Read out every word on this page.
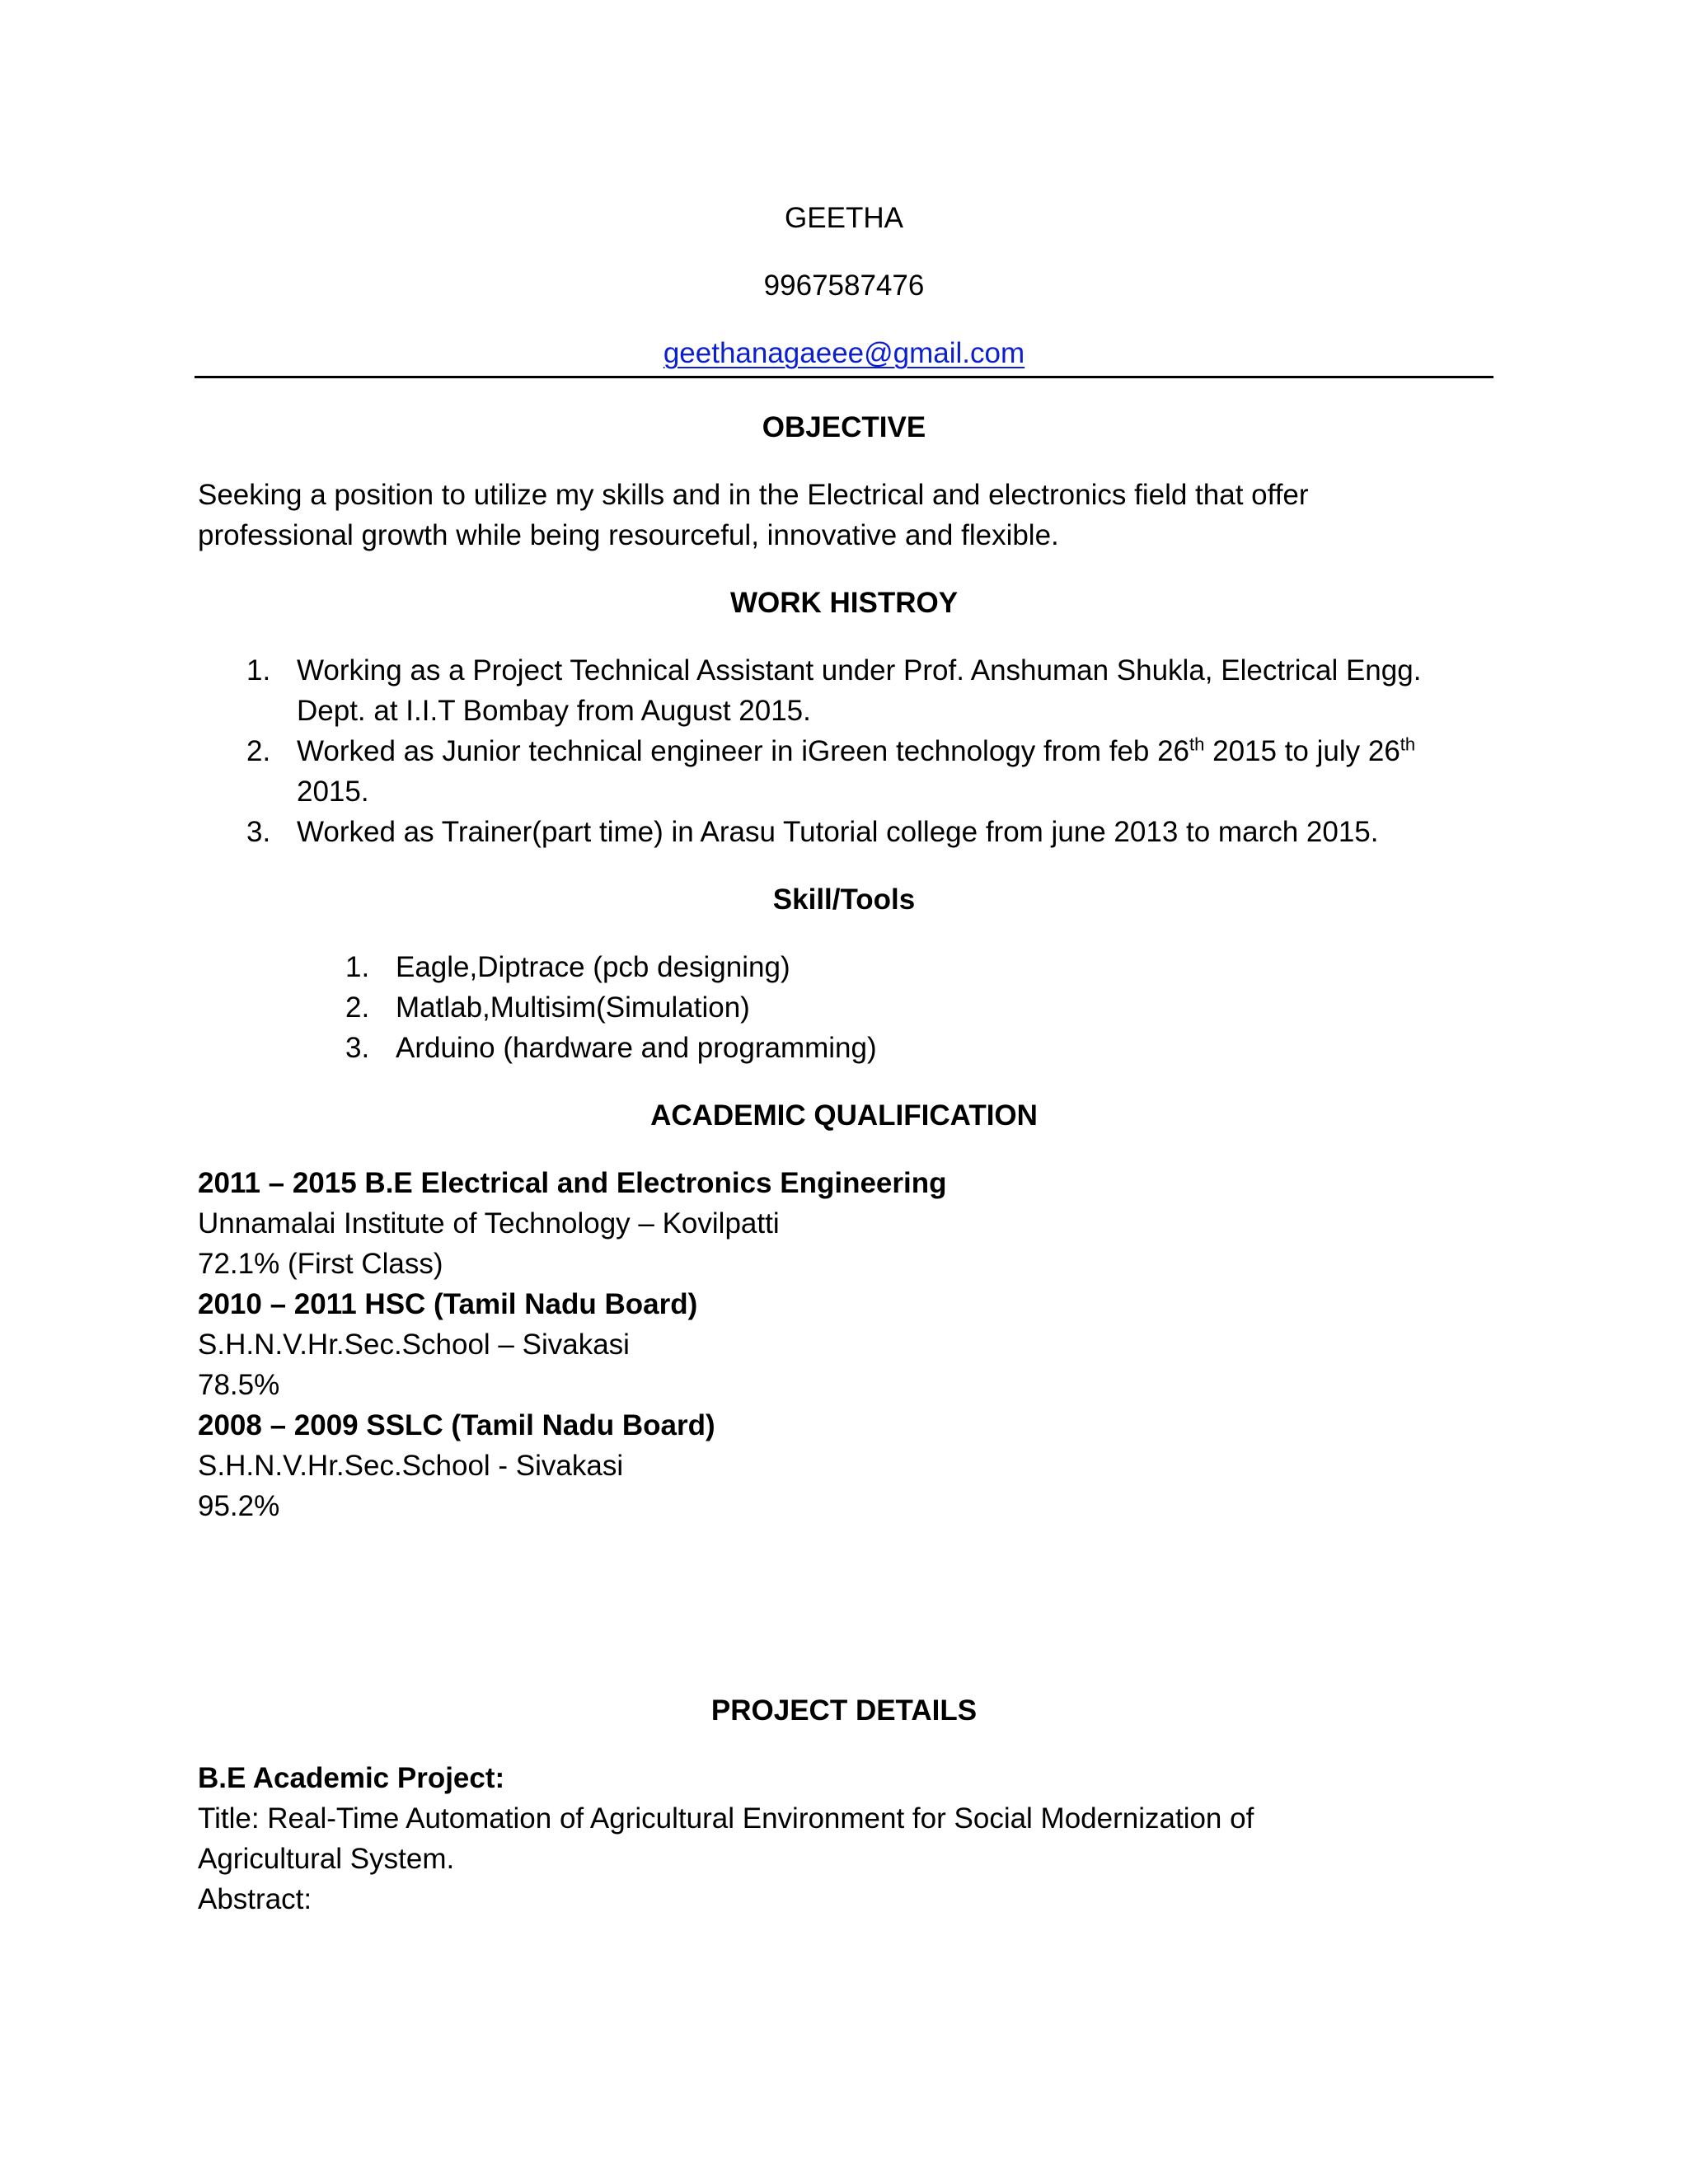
GEETHA
9967587476
geethanagaeee@gmail.com
OBJECTIVE
Seeking a position to utilize my skills and in the Electrical and electronics field that offer
professional growth while being resourceful, innovative and flexible.
WORK HISTROY
1. Working as a Project Technical Assistant under Prof. Anshuman Shukla, Electrical Engg.
Dept. at I.I.T Bombay from August 2015.
2. Worked as Junior technical engineer in iGreen technology from feb 26th 2015 to july 26th
2015.
3. Worked as Trainer(part time) in Arasu Tutorial college from june 2013 to march 2015.
Skill/Tools
1. Eagle,Diptrace (pcb designing)
2. Matlab,Multisim(Simulation)
3. Arduino (hardware and programming)
ACADEMIC QUALIFICATION
2011 – 2015 B.E Electrical and Electronics Engineering
Unnamalai Institute of Technology – Kovilpatti
72.1% (First Class)
2010 – 2011 HSC (Tamil Nadu Board)
S.H.N.V.Hr.Sec.School – Sivakasi
78.5%
2008 – 2009 SSLC (Tamil Nadu Board)
S.H.N.V.Hr.Sec.School - Sivakasi
95.2%
PROJECT DETAILS
B.E Academic Project:
Title: Real-Time Automation of Agricultural Environment for Social Modernization of
Agricultural System.
Abstract:
